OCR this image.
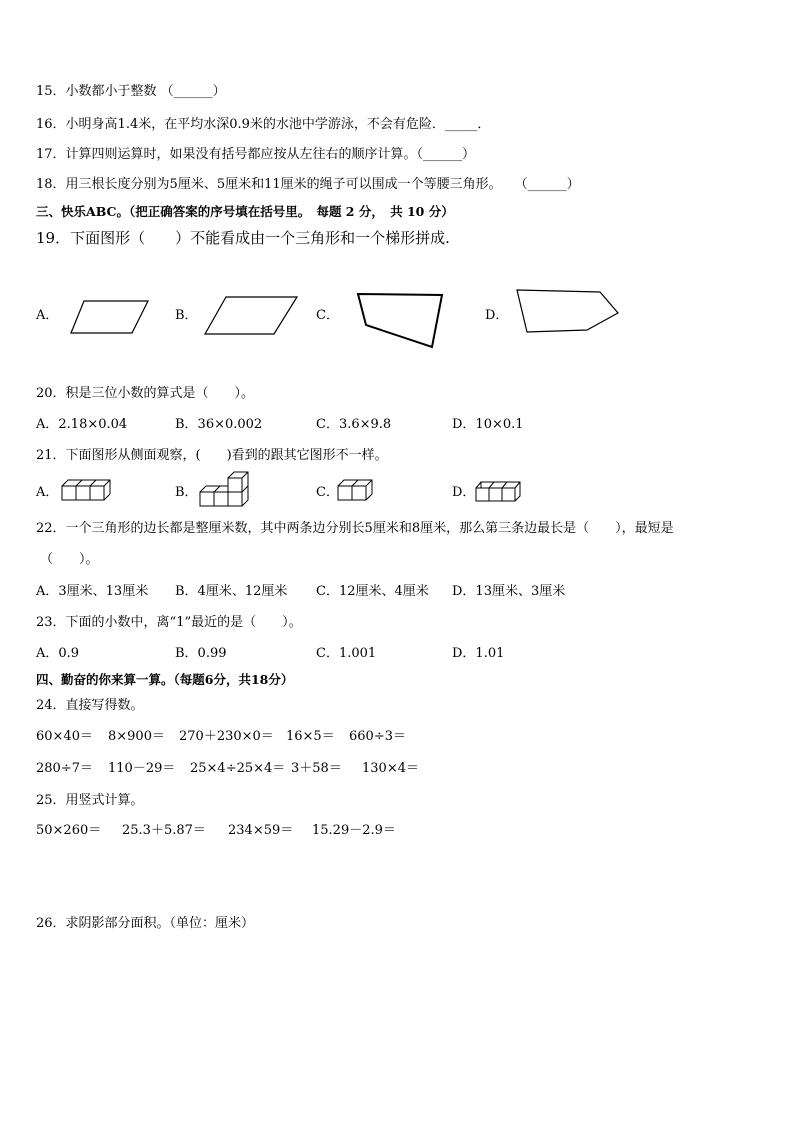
15．小数都小于整数 （______）
16．小明身高1.4米，在平均水深0.9米的水池中学游泳，不会有危险．_____．
17．计算四则运算时，如果没有括号都应按从左往右的顺序计算。（______）
18．用三根长度分别为5厘米、5厘米和11厘米的绳子可以围成一个等腰三角形。　　（______）
三、快乐ABC。（把正确答案的序号填在括号里。　每题 2 分，　共 10 分）
19．下面图形（　　）不能看成由一个三角形和一个梯形拼成.
A．	B．	C．	D．
20．积是三位小数的算式是（　　）。
A．2.18×0.04	B．36×0.002	C．3.6×9.8	D．10×0.1
21．下面图形从侧面观察，(　　)看到的跟其它图形不一样。
A．	B．	C．	D．
22．一个三角形的边长都是整厘米数，其中两条边分别长5厘米和8厘米，那么第三条边最长是（　　），最短是
（　　）。
A．3厘米、13厘米 B．4厘米、12厘米 C．12厘米、4厘米 D．13厘米、3厘米
23．下面的小数中，离“1”最近的是（　　）。
A．0.9	B．0.99	C．1.001	D．1.01
四、勤奋的你来算一算。（每题6分，共18分）
24．直接写得数。
60×40＝ 8×900＝ 270＋230×0＝ 16×5＝ 660÷3＝
280÷7＝ 110－29＝ 25×4÷25×4＝ 3＋58＝ 130×4＝
25．用竖式计算。
50×260＝ 25.3＋5.87＝ 234×59＝ 15.29－2.9＝
26．求阴影部分面积。（单位：厘米）
